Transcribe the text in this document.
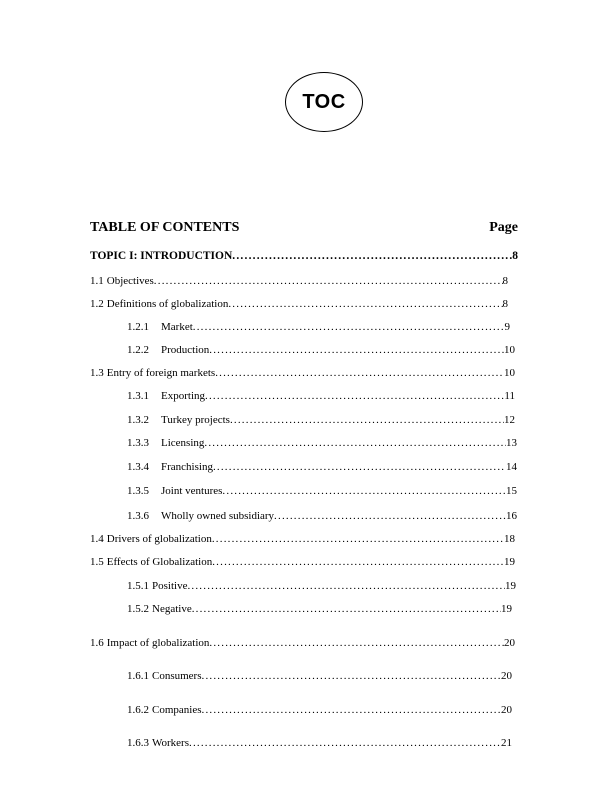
TOC
TABLE OF CONTENTS	Page
TOPIC I: INTRODUCTION .....	8
1.1 Objectives .....	8
1.2 Definitions of globalization .....	8
1.2.1 Market .....	9
1.2.2 Production .....	10
1.3 Entry of foreign markets .....	10
1.3.1 Exporting .....	11
1.3.2 Turkey projects .....	12
1.3.3 Licensing .....	13
1.3.4 Franchising .....	14
1.3.5 Joint ventures .....	15
1.3.6 Wholly owned subsidiary .....	16
1.4 Drivers of globalization .....	18
1.5 Effects of Globalization .....	19
1.5.1 Positive .....	19
1.5.2 Negative .....	19
1.6 Impact of globalization .....	20
1.6.1 Consumers .....	20
1.6.2 Companies .....	20
1.6.3 Workers .....	21
